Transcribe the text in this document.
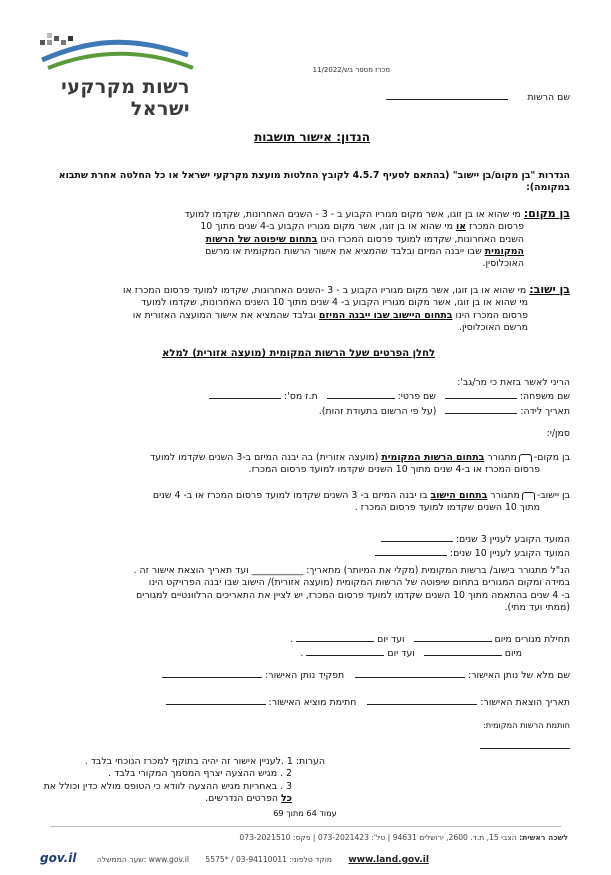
רשות מקרקעי ישראל
מכרז מספר בש/11/2022
שם הרשות
הנדון: אישור תושבות
הגדרות "בן מקום/בן יישוב" (בהתאם לסעיף 4.5.7 לקובץ החלטות מועצת מקרקעי ישראל או כל החלטה אחרת שתבוא במקומה):
בן מקום: מי שהוא או בן זוגו, אשר מקום מגוריו הקבוע ב - 3 - השנים האחרונות, שקדמו למועד
פרסום המכרז או מי שהוא או בן זוגו, אשר מקום מגוריו הקבוע ב-4 שנים מתוך 10
השנים האחרונות, שקדמו למועד פרסום המכרז הינו בתחום שיפוטה של הרשות
המקומית שבו ייבנה המיזם ובלבד שהמציא את אישור הרשות המקומית או מרשם
האוכלוסין.
בן ישוב: מי שהוא או בן זוגו, אשר מקום מגוריו הקבוע ב - 3 -השנים האחרונות, שקדמו למועד פרסום המכרז או
מי שהוא או בן זוגו, אשר מקום מגוריו הקבוע ב- 4 שנים מתוך 10 השנים האחרונות, שקדמו למועד
פרסום המכרז הינו בתחום היישוב שבו ייבנה המיזם ובלבד שהמציא את אישור המועצה האזורית או
מרשם האוכלוסין.
לחלן הפרטים שעל הרשות המקומית (מועצה אזורית) למלא
הריני לאשר בזאת כי מר/גב':
שם משפחה:  שם פרטי:  ת.ז מס':
תאריך לידה:  (על פי הרשום בתעודת זהות).
סמן/י:
בן מקום-מתגורר בתחום הרשות המקומית (מועצה אזורית) בה יבנה המיזם ב-3 השנים שקדמו למועד
פרסום המכרז או ב-4 שנים מתוך 10 השנים שקדמו למועד פרסום המכרז.
בן יישוב-מתגורר בתחום הישוב בו יבנה המיזם ב- 3 השנים שקדמו למועד פרסום המכרז או ב- 4 שנים
מתוך 10 השנים שקדמו למועד פרסום המכרז .
המועד הקובע לעניין 3 שנים:
המועד הקובע לעניין 10 שנים:
הנ"ל מתגורר בישוב/ ברשות המקומית (מקלי את המיותר) מתאריך: ___________ ועד תאריך הוצאת אישור זה .
במידה ומקום המגורים בתחום שיפוטה של הרשות המקומית (מועצה אזורית)/ הישוב שבו יבנה הפרויקט הינו
ב- 4 שנים בהתאמה מתוך 10 השנים שקדמו למועד פרסום המכרז, יש לציין את התאריכים הרלוונטיים למגורים
(ממתי ועד מתי).
תחילת מגורים מיום  ועד יום  .
מיום  ועד יום  .
שם מלא של נותן האישור:  תפקיד נותן האישור:
תאריך הוצאת האישור:  חתימת מוציא האישור:
חותמת הרשות המקומית:
הערות: 1 .לעניין אישור זה יהיה בתוקף למכרז הנוכחי בלבד .
2 . מגיש ההצעה יצרף המסמך המקורי בלבד .
3 . באחריות מגיש ההצעה לוודא כי הטופס מולא כדין וכולל את כל הפרטים הנדרשים.
עמוד 64 מתוך 69
לשכה ראשית: הצבי 15, ת.ד. 2600, ירושלים 94631 | טל': 073-2021423 | פקס: 073-2021510
gov.il	שער הממשלה: www.gov.il מוקד טלפוני: 03-94110011 / *5575 www.land.gov.il
